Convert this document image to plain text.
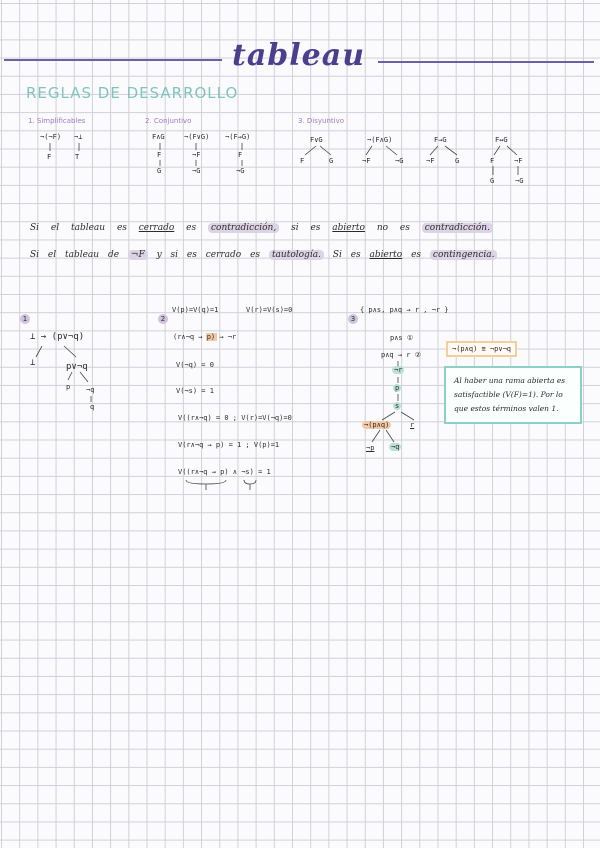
tableau
REGLAS DE DESARROLLO
1. Simplificables
¬(¬F)
F
¬⊥
T
2. Conjuntivo
F∧G
F
G
¬(F∨G)
¬F
¬G
¬(F→G)
F
¬G
3. Disyuntivo
F∨G
F	G
¬(F∧G)
¬F	¬G
F→G
¬F	G
F↔G
F	¬F
G	¬G
Si el tableau es cerrado es contradicción, si es abierto no es contradicción.
Si el tableau de ¬F y si es cerrado es tautología. Si es abierto es contingencia.
1
⊥ → (p∨¬q)
⊥	p∨¬q
p ¬q
q
2
V(p)=V(q)=1	V(r)=V(s)=0
(r∧¬q → p) → ¬r
V(¬q) = 0
V(¬s) = 1
V((r∧¬q) = 0 ; V(r)=V(¬q)=0
V(r∧¬q → p) = 1 ; V(p)=1
V((r∧¬q → p) ∧ ¬s) = 1
3
{ p∧s, p∧q → r , ¬r }
p∧s ①
p∧q → r ②
¬r
p
s
¬(p∧q)	r
¬p ¬q
¬(p∧q) ≡ ¬p∨¬q
Al haber una rama abierta es satisfactible (V(F)=1). Por lo que estos términos valen 1.
